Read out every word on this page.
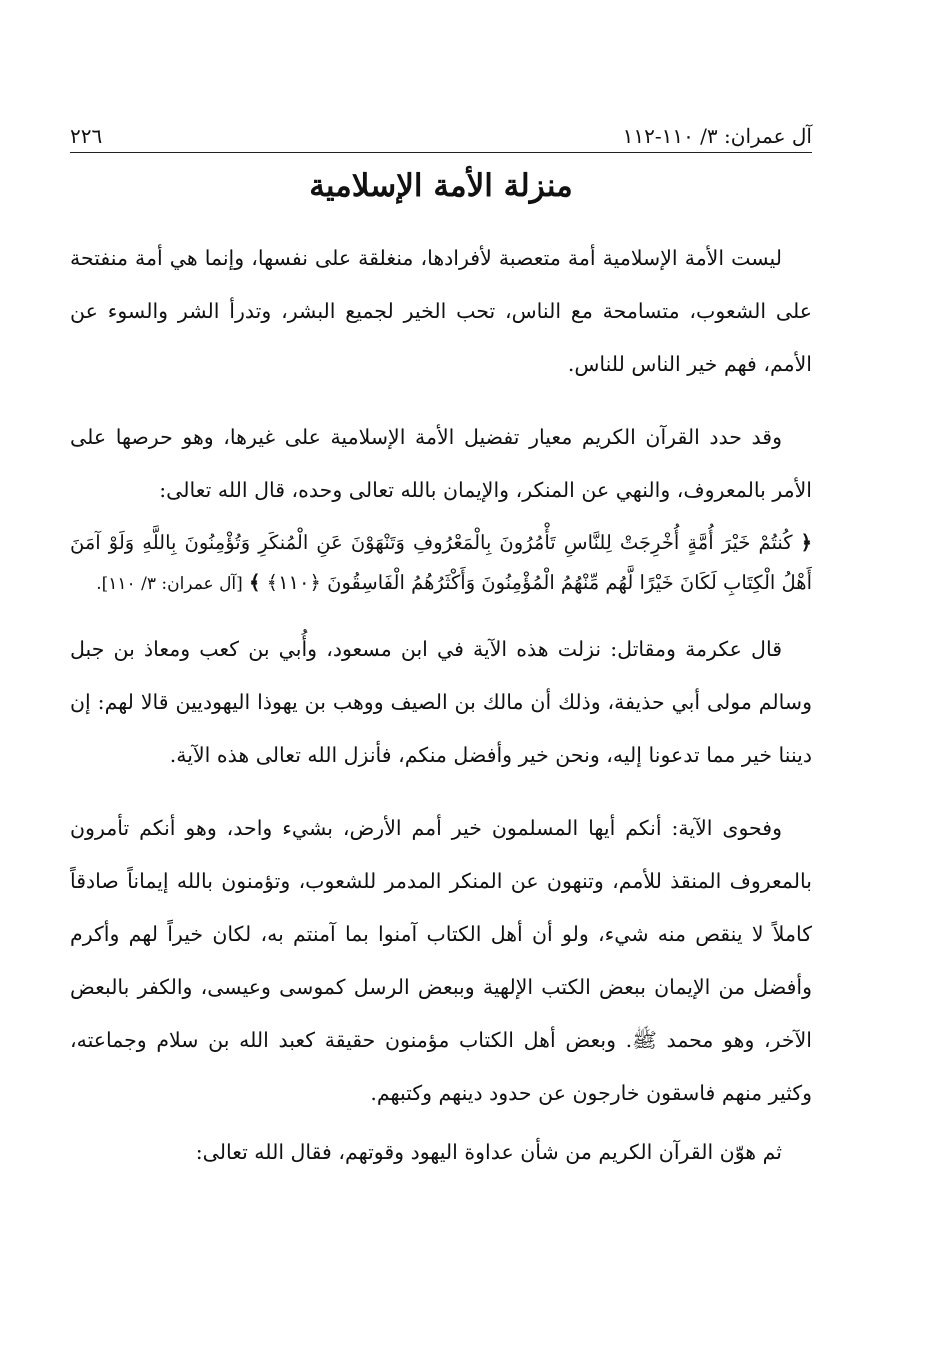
آل عمران: ٣/ ١١٠-١١٢
٢٢٦
منزلة الأمة الإسلامية

ليست الأمة الإسلامية أمة متعصبة لأفرادها، منغلقة على نفسها، وإنما هي أمة منفتحة على الشعوب، متسامحة مع الناس، تحب الخير لجميع البشر، وتدرأ الشر والسوء عن الأمم، فهم خير الناس للناس.

وقد حدد القرآن الكريم معيار تفضيل الأمة الإسلامية على غيرها، وهو حرصها على الأمر بالمعروف، والنهي عن المنكر، والإيمان بالله تعالى وحده، قال الله تعالى:

﴿ كُنتُمْ خَيْرَ أُمَّةٍ أُخْرِجَتْ لِلنَّاسِ تَأْمُرُونَ بِالْمَعْرُوفِ وَتَنْهَوْنَ عَنِ الْمُنكَرِ وَتُؤْمِنُونَ بِاللَّهِ وَلَوْ آمَنَ أَهْلُ الْكِتَابِ لَكَانَ خَيْرًا لَّهُم مِّنْهُمُ الْمُؤْمِنُونَ وَأَكْثَرُهُمُ الْفَاسِقُونَ ﴿١١٠﴾ ﴾ [آل عمران: ٣/ ١١٠].

قال عكرمة ومقاتل: نزلت هذه الآية في ابن مسعود، وأُبي بن كعب ومعاذ بن جبل وسالم مولى أبي حذيفة، وذلك أن مالك بن الصيف ووهب بن يهوذا اليهوديين قالا لهم: إن ديننا خير مما تدعونا إليه، ونحن خير وأفضل منكم، فأنزل الله تعالى هذه الآية.

وفحوى الآية: أنكم أيها المسلمون خير أمم الأرض، بشيء واحد، وهو أنكم تأمرون بالمعروف المنقذ للأمم، وتنهون عن المنكر المدمر للشعوب، وتؤمنون بالله إيماناً صادقاً كاملاً لا ينقص منه شيء، ولو أن أهل الكتاب آمنوا بما آمنتم به، لكان خيراً لهم وأكرم وأفضل من الإيمان ببعض الكتب الإلهية وببعض الرسل كموسى وعيسى، والكفر بالبعض الآخر، وهو محمد ﷺ. وبعض أهل الكتاب مؤمنون حقيقة كعبد الله بن سلام وجماعته، وكثير منهم فاسقون خارجون عن حدود دينهم وكتبهم.

ثم هوّن القرآن الكريم من شأن عداوة اليهود وقوتهم، فقال الله تعالى:
